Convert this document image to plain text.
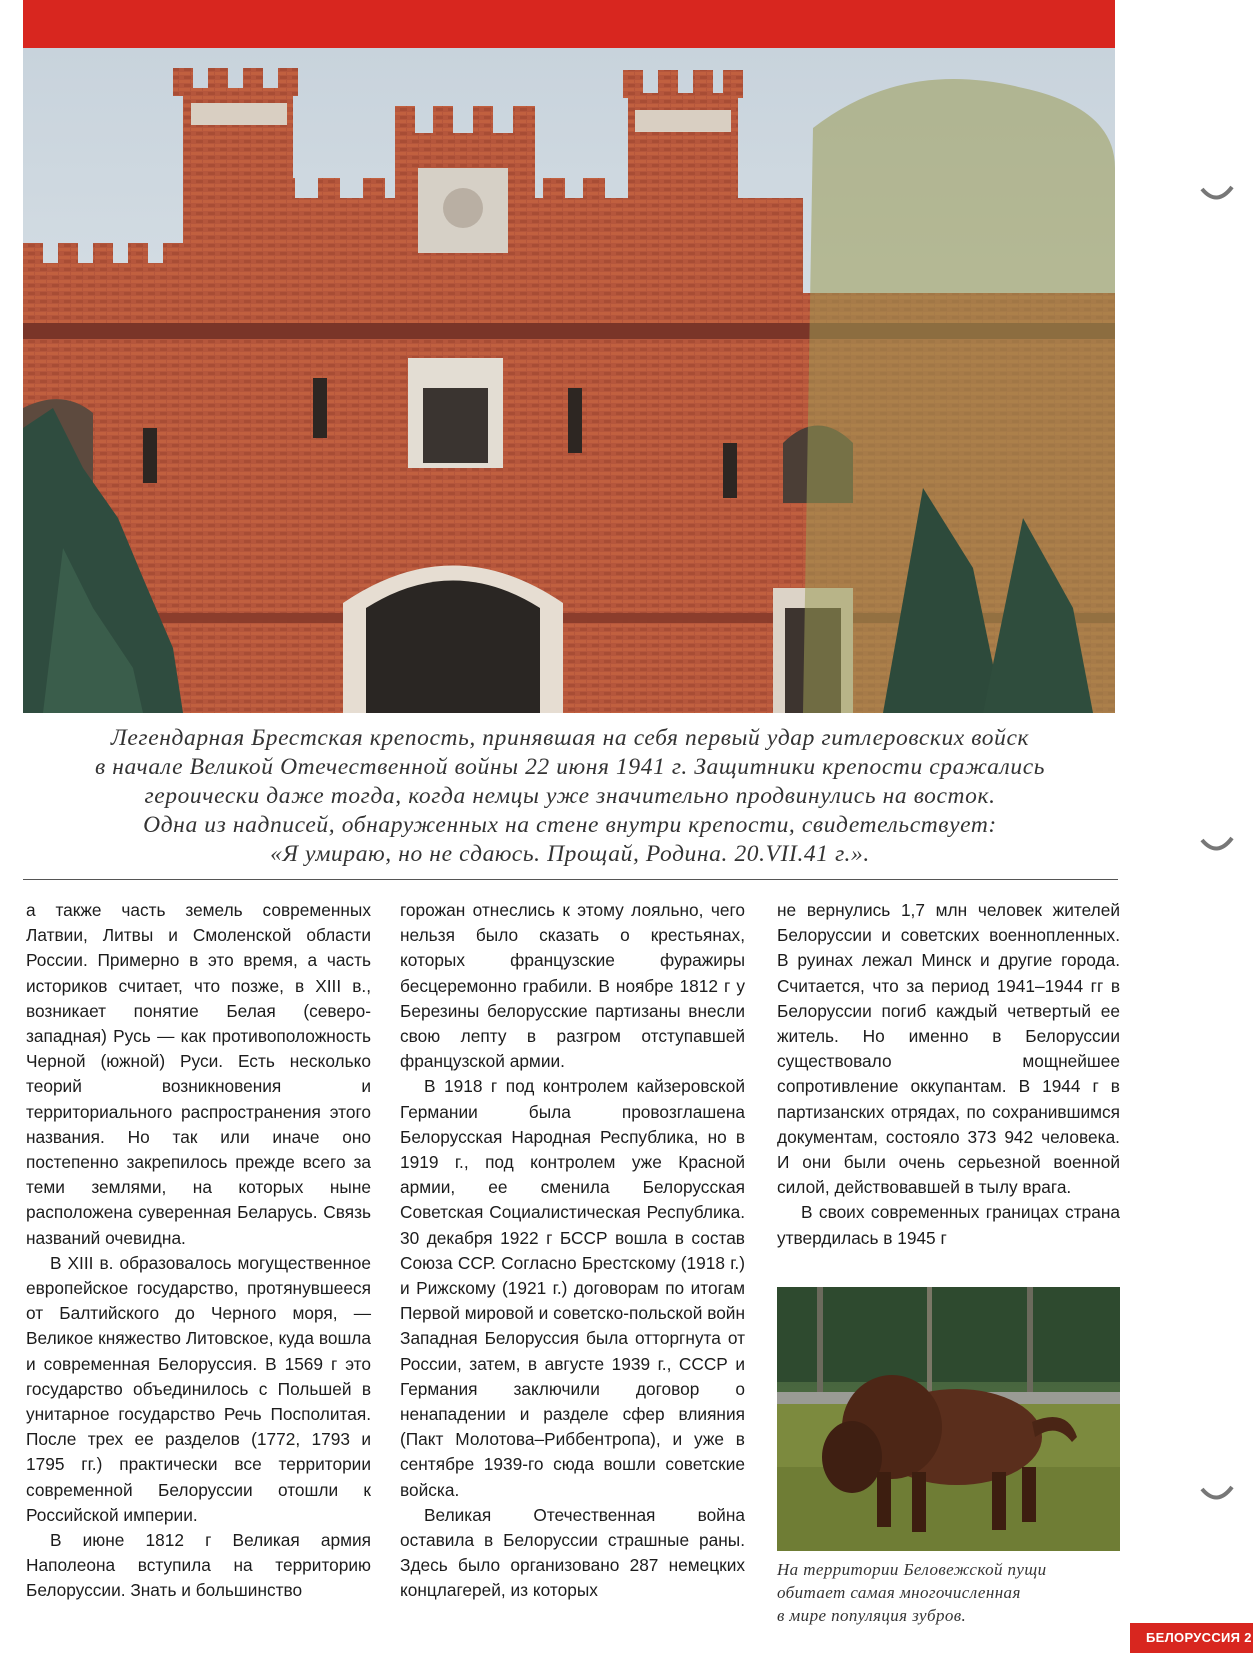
Легендарная Брестская крепость, принявшая на себя первый удар гитлеровских войск
в начале Великой Отечественной войны 22 июня 1941 г. Защитники крепости сражались
героически даже тогда, когда немцы уже значительно продвинулись на восток.
Одна из надписей, обнаруженных на стене внутри крепости, свидетельствует:
«Я умираю, но не сдаюсь. Прощай, Родина. 20.VII.41 г.».

а также часть земель современных Латвии, Литвы и Смоленской области России. Примерно в это время, а часть историков считает, что позже, в XIII в., возникает понятие Белая (северо-западная) Русь — как противоположность Черной (южной) Руси. Есть несколько теорий возникновения и территориального распространения этого названия. Но так или иначе оно постепенно закрепилось прежде всего за теми землями, на которых ныне расположена суверенная Беларусь. Связь названий очевидна.

В XIII в. образовалось могущественное европейское государство, протянувшееся от Балтийского до Черного моря, — Великое княжество Литовское, куда вошла и современная Белоруссия. В 1569 г это государство объединилось с Польшей в унитарное государство Речь Посполитая. После трех ее разделов (1772, 1793 и 1795 гг.) практически все территории современной Белоруссии отошли к Российской империи.

В июне 1812 г Великая армия Наполеона вступила на территорию Белоруссии. Знать и большинство

горожан отнеслись к этому лояльно, чего нельзя было сказать о крестьянах, которых французские фуражиры бесцеремонно грабили. В ноябре 1812 г у Березины белорусские партизаны внесли свою лепту в разгром отступавшей французской армии.

В 1918 г под контролем кайзеровской Германии была провозглашена Белорусская Народная Республика, но в 1919 г., под контролем уже Красной армии, ее сменила Белорусская Советская Социалистическая Республика. 30 декабря 1922 г БССР вошла в состав Союза ССР. Согласно Брестскому (1918 г.) и Рижскому (1921 г.) договорам по итогам Первой мировой и советско-польской войн Западная Белоруссия была отторгнута от России, затем, в августе 1939 г., СССР и Германия заключили договор о ненападении и разделе сфер влияния (Пакт Молотова–Риббентропа), и уже в сентябре 1939-го сюда вошли советские войска.

Великая Отечественная война оставила в Белоруссии страшные раны. Здесь было организовано 287 немецких концлагерей, из которых

не вернулись 1,7 млн человек жителей Белоруссии и советских военнопленных. В руинах лежал Минск и другие города. Считается, что за период 1941–1944 гг в Белоруссии погиб каждый четвертый ее житель. Но именно в Белоруссии существовало мощнейшее сопротивление оккупантам. В 1944 г в партизанских отрядах, по сохранившимся документам, состояло 373 942 человека. И они были очень серьезной военной силой, действовавшей в тылу врага.

В своих современных границах страна утвердилась в 1945 г

На территории Беловежской пущи
обитает самая многочисленная
в мире популяция зубров.
БЕЛОРУССИЯ 2
